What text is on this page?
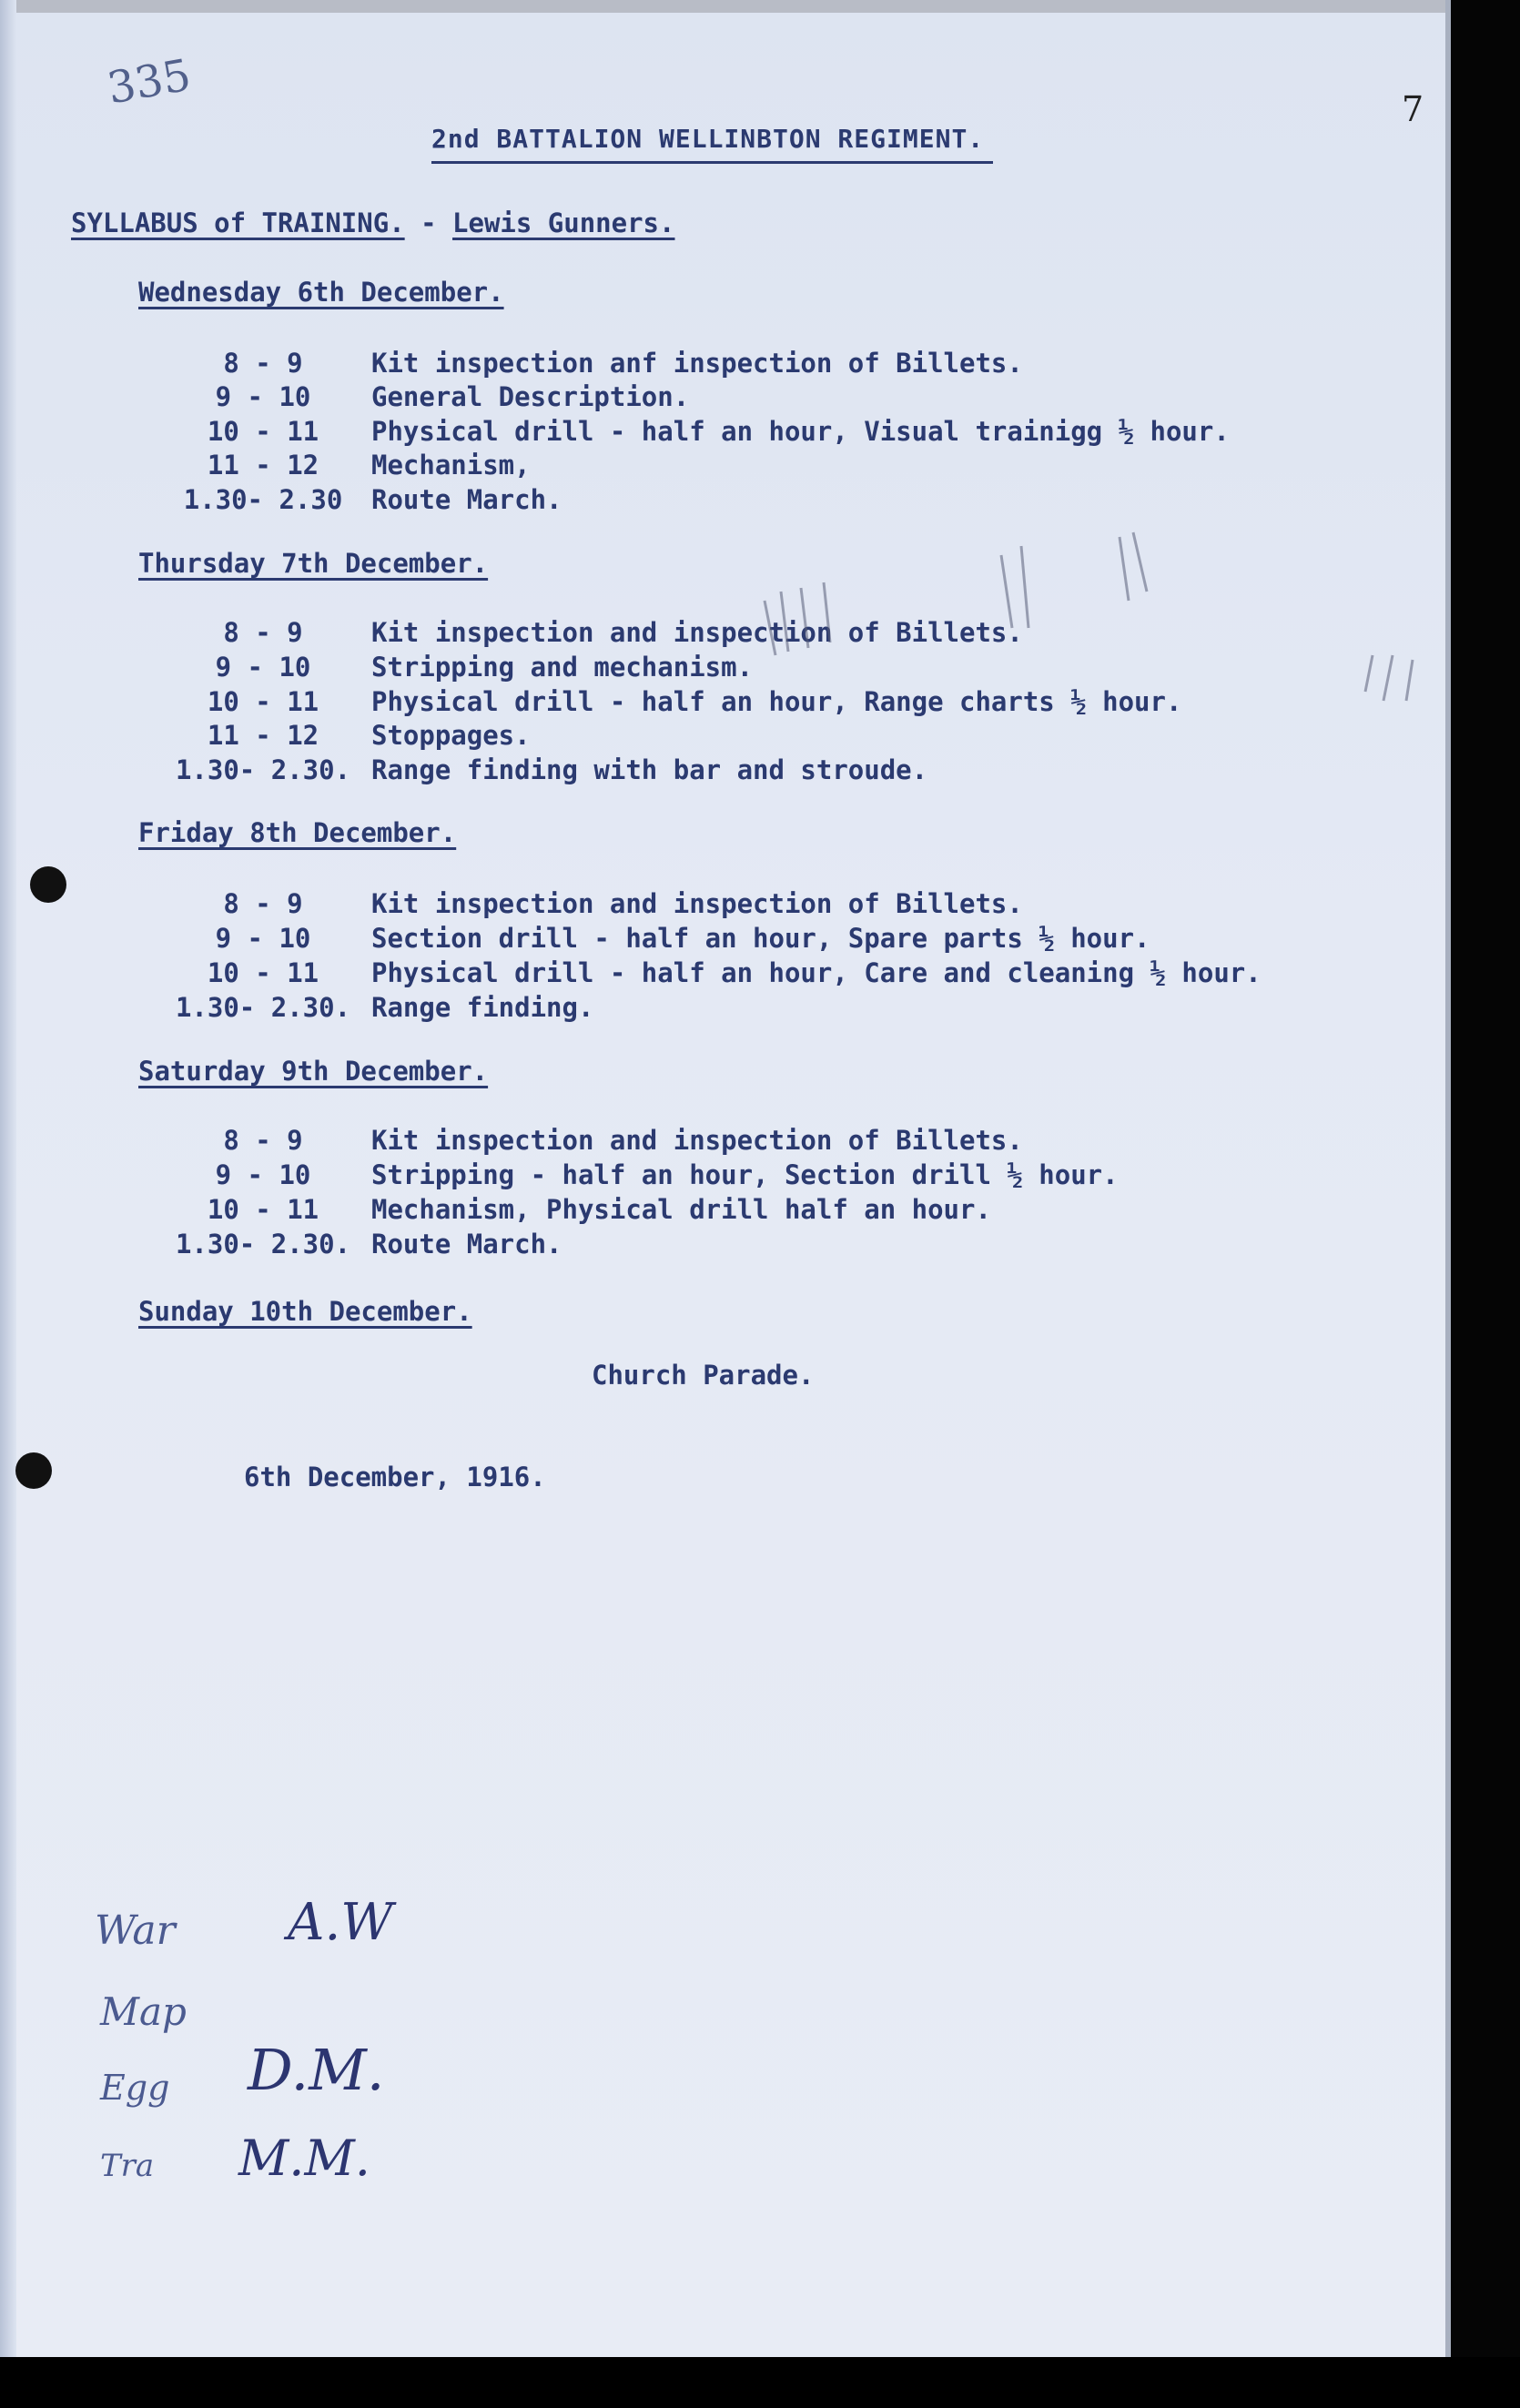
335	7
2nd BATTALION WELLINBTON REGIMENT.
SYLLABUS of TRAINING. - Lewis Gunners.
Wednesday 6th December.
8 - 9	Kit inspection anf inspection of Billets.
9 - 10 General Description.
10 - 11 Physical drill - half an hour, Visual trainigg ½ hour.
11 - 12 Mechanism,
1.30- 2.30 Route March.
Thursday 7th December.
8 - 9	Kit inspection and inspection of Billets.
9 - 10 Stripping and mechanism.
10 - 11 Physical drill - half an hour, Range charts ½ hour.
11 - 12 Stoppages.
1.30- 2.30. Range finding with bar and stroude.
Friday 8th December.
8 - 9	Kit inspection and inspection of Billets.
9 - 10 Section drill - half an hour, Spare parts ½ hour.
10 - 11 Physical drill - half an hour, Care and cleaning ½ hour.
1.30- 2.30. Range finding.
Saturday 9th December.
8 - 9	Kit inspection and inspection of Billets.
9 - 10 Stripping - half an hour, Section drill ½ hour.
10 - 11 Mechanism, Physical drill half an hour.
1.30- 2.30. Route March.
Sunday 10th December.
Church Parade.
6th December, 1916.
War
Map
Egg
Tra
A.W
D.M.
M.M.
